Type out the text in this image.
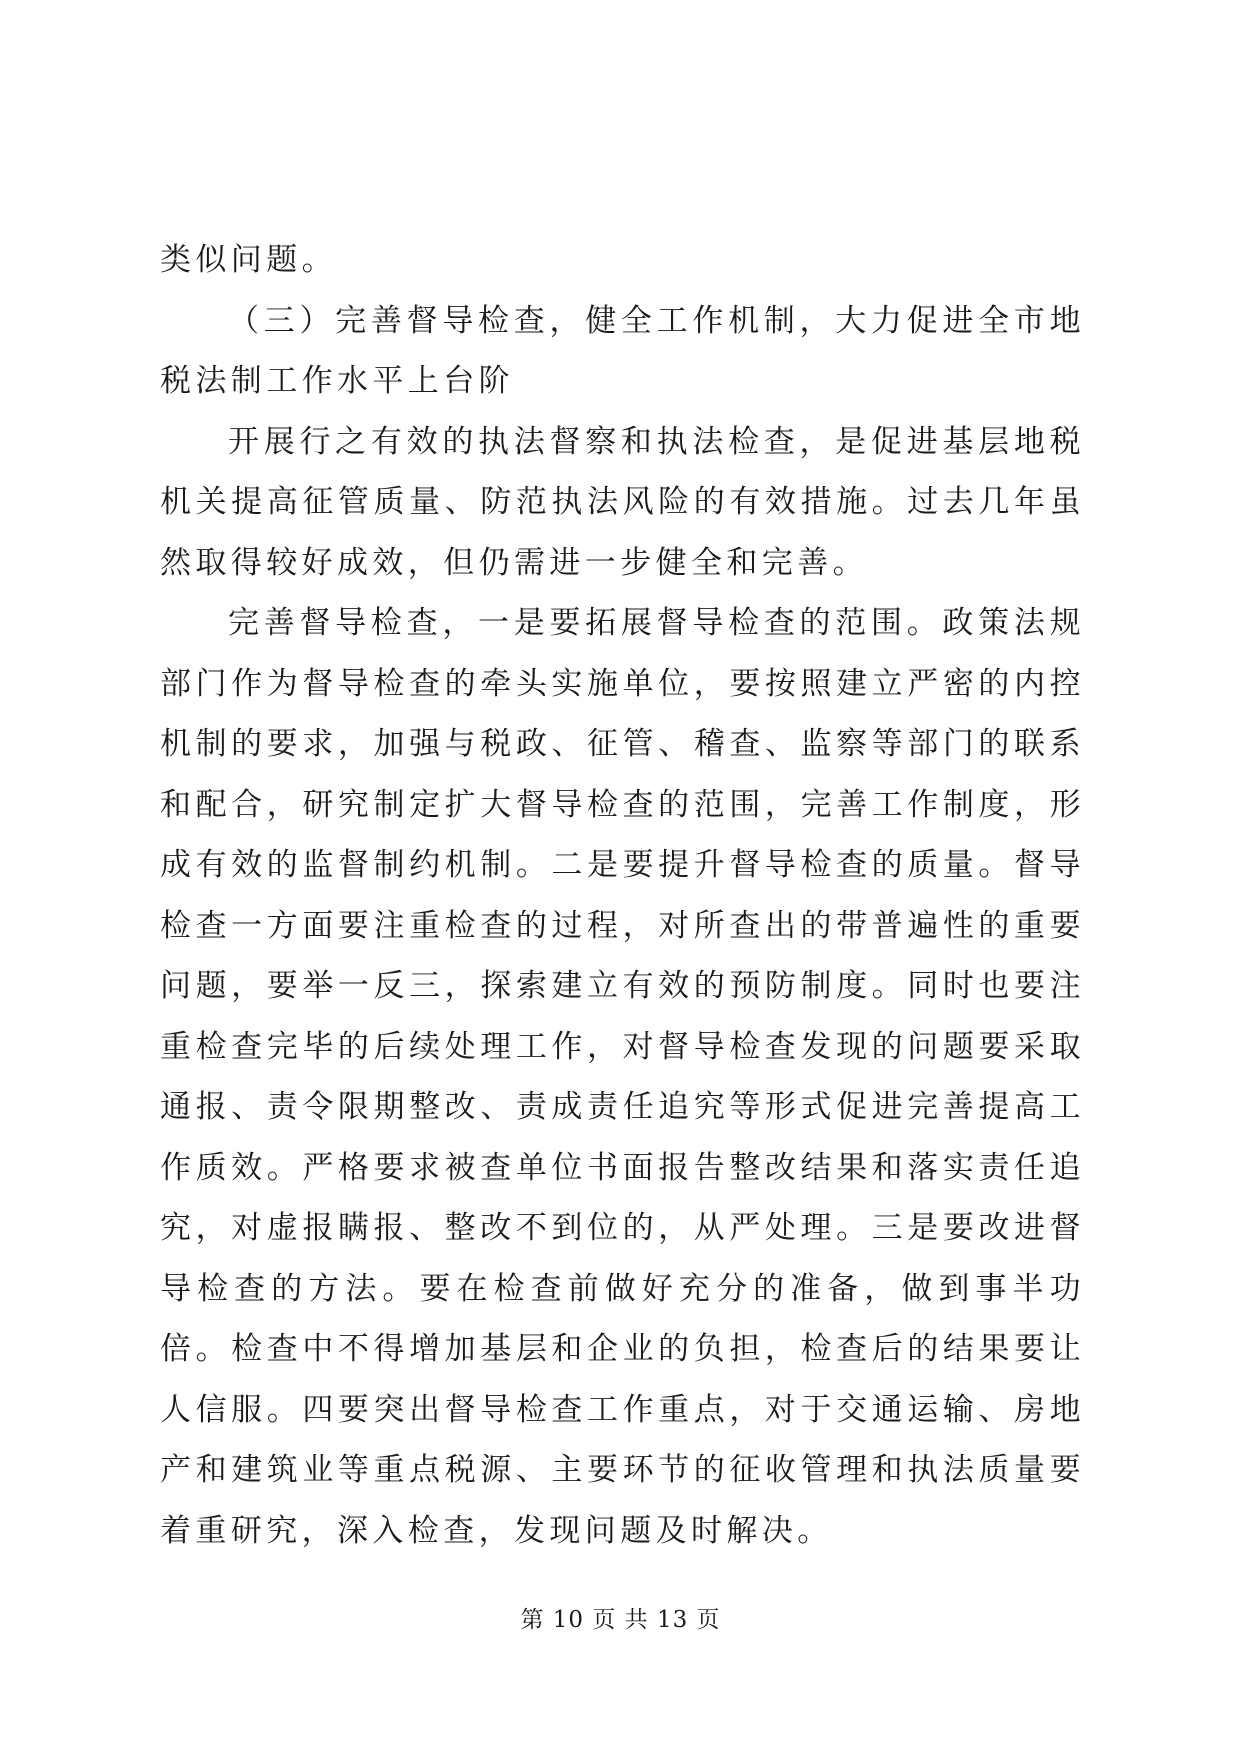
类似问题。

（三）完善督导检查，健全工作机制，大力促进全市地税法制工作水平上台阶

开展行之有效的执法督察和执法检查，是促进基层地税机关提高征管质量、防范执法风险的有效措施。过去几年虽然取得较好成效，但仍需进一步健全和完善。

完善督导检查，一是要拓展督导检查的范围。政策法规部门作为督导检查的牵头实施单位，要按照建立严密的内控机制的要求，加强与税政、征管、稽查、监察等部门的联系和配合，研究制定扩大督导检查的范围，完善工作制度，形成有效的监督制约机制。二是要提升督导检查的质量。督导检查一方面要注重检查的过程，对所查出的带普遍性的重要问题，要举一反三，探索建立有效的预防制度。同时也要注重检查完毕的后续处理工作，对督导检查发现的问题要采取通报、责令限期整改、责成责任追究等形式促进完善提高工作质效。严格要求被查单位书面报告整改结果和落实责任追究，对虚报瞒报、整改不到位的，从严处理。三是要改进督导检查的方法。要在检查前做好充分的准备，做到事半功倍。检查中不得增加基层和企业的负担，检查后的结果要让人信服。四要突出督导检查工作重点，对于交通运输、房地产和建筑业等重点税源、主要环节的征收管理和执法质量要着重研究，深入检查，发现问题及时解决。

第 10 页 共 13 页
